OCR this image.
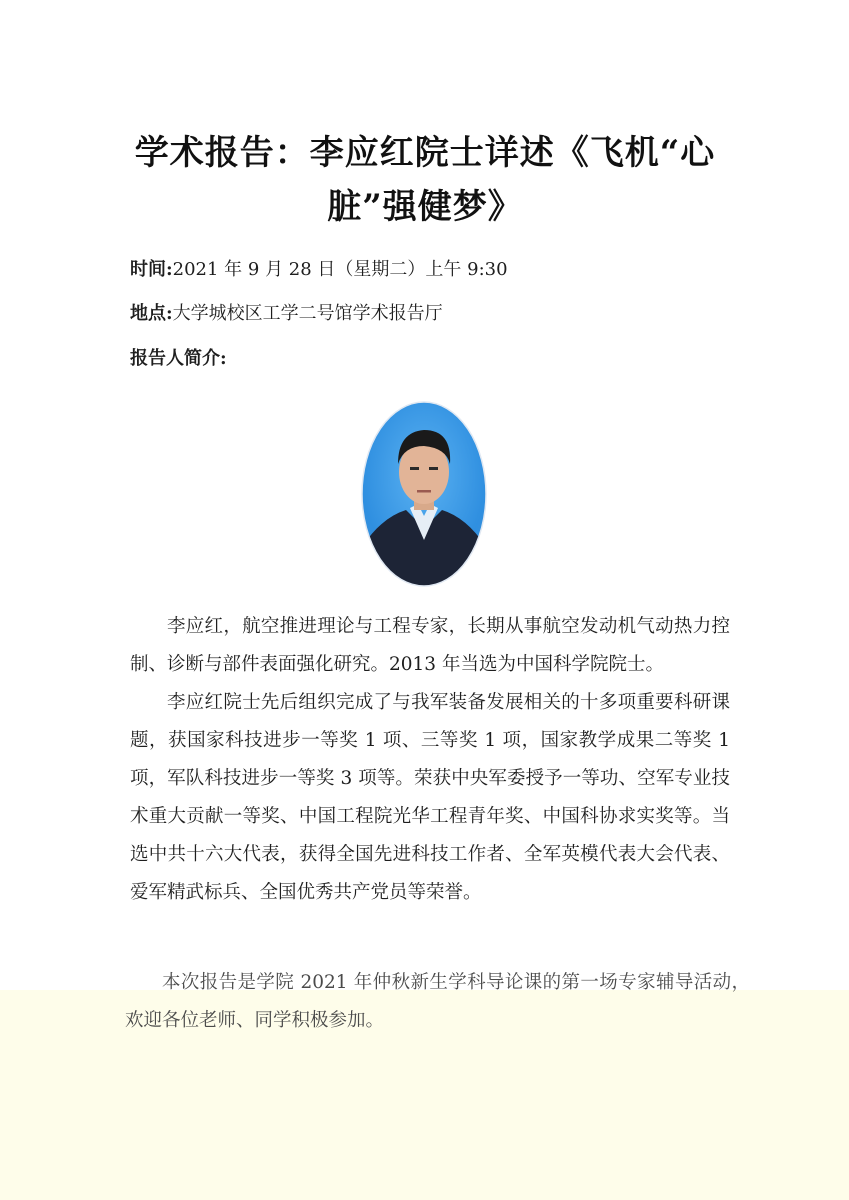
学术报告：李应红院士详述《飞机“心脏”强健梦》
时间:2021 年 9 月 28 日（星期二）上午 9:30
地点:大学城校区工学二号馆学术报告厅
报告人简介:
李应红，航空推进理论与工程专家，长期从事航空发动机气动热力控制、诊断与部件表面强化研究。2013 年当选为中国科学院院士。
李应红院士先后组织完成了与我军装备发展相关的十多项重要科研课题，获国家科技进步一等奖 1 项、三等奖 1 项，国家教学成果二等奖 1 项，军队科技进步一等奖 3 项等。荣获中央军委授予一等功、空军专业技术重大贡献一等奖、中国工程院光华工程青年奖、中国科协求实奖等。当选中共十六大代表，获得全国先进科技工作者、全军英模代表大会代表、爱军精武标兵、全国优秀共产党员等荣誉。
本次报告是学院 2021 年仲秋新生学科导论课的第一场专家辅导活动，欢迎各位老师、同学积极参加。
